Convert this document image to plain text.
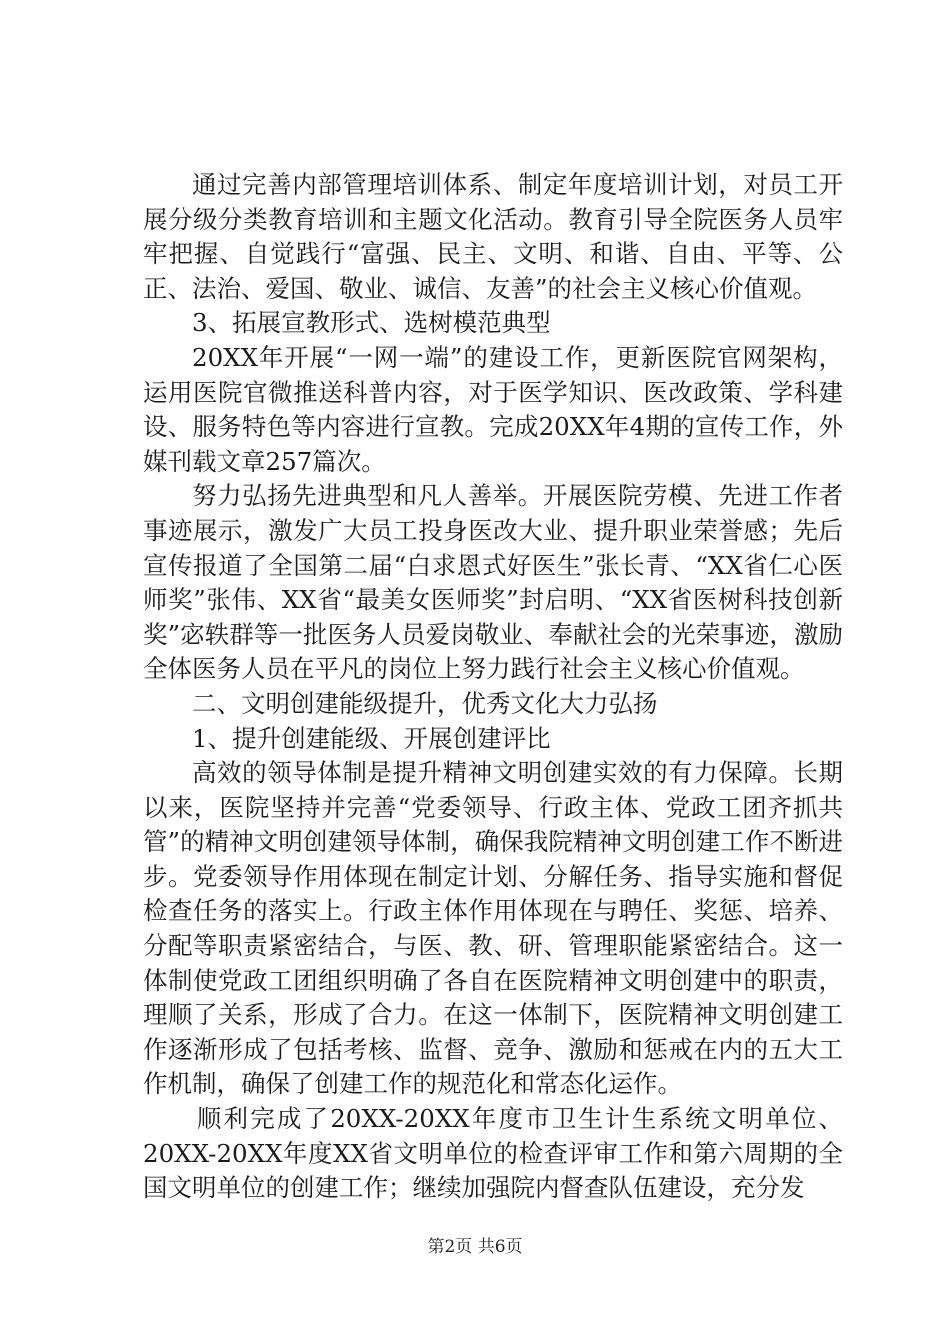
通过完善内部管理培训体系、制定年度培训计划，对员工开展分级分类教育培训和主题文化活动。教育引导全院医务人员牢牢把握、自觉践行“富强、民主、文明、和谐、自由、平等、公正、法治、爱国、敬业、诚信、友善”的社会主义核心价值观。

3、拓展宣教形式、选树模范典型

20XX年开展“一网一端”的建设工作，更新医院官网架构，运用医院官微推送科普内容，对于医学知识、医改政策、学科建设、服务特色等内容进行宣教。完成20XX年4期的宣传工作，外媒刊载文章257篇次。

努力弘扬先进典型和凡人善举。开展医院劳模、先进工作者事迹展示，激发广大员工投身医改大业、提升职业荣誉感；先后宣传报道了全国第二届“白求恩式好医生”张长青、“XX省仁心医师奖”张伟、XX省“最美女医师奖”封启明、“XX省医树科技创新奖”宓轶群等一批医务人员爱岗敬业、奉献社会的光荣事迹，激励全体医务人员在平凡的岗位上努力践行社会主义核心价值观。

二、文明创建能级提升，优秀文化大力弘扬

1、提升创建能级、开展创建评比

高效的领导体制是提升精神文明创建实效的有力保障。长期以来，医院坚持并完善“党委领导、行政主体、党政工团齐抓共管”的精神文明创建领导体制，确保我院精神文明创建工作不断进步。党委领导作用体现在制定计划、分解任务、指导实施和督促检查任务的落实上。行政主体作用体现在与聘任、奖惩、培养、分配等职责紧密结合，与医、教、研、管理职能紧密结合。这一体制使党政工团组织明确了各自在医院精神文明创建中的职责，理顺了关系，形成了合力。在这一体制下，医院精神文明创建工作逐渐形成了包括考核、监督、竞争、激励和惩戒在内的五大工作机制，确保了创建工作的规范化和常态化运作。

顺利完成了20XX-20XX年度市卫生计生系统文明单位、20XX-20XX年度XX省文明单位的检查评审工作和第六周期的全国文明单位的创建工作；继续加强院内督查队伍建设，充分发

第2页 共6页
